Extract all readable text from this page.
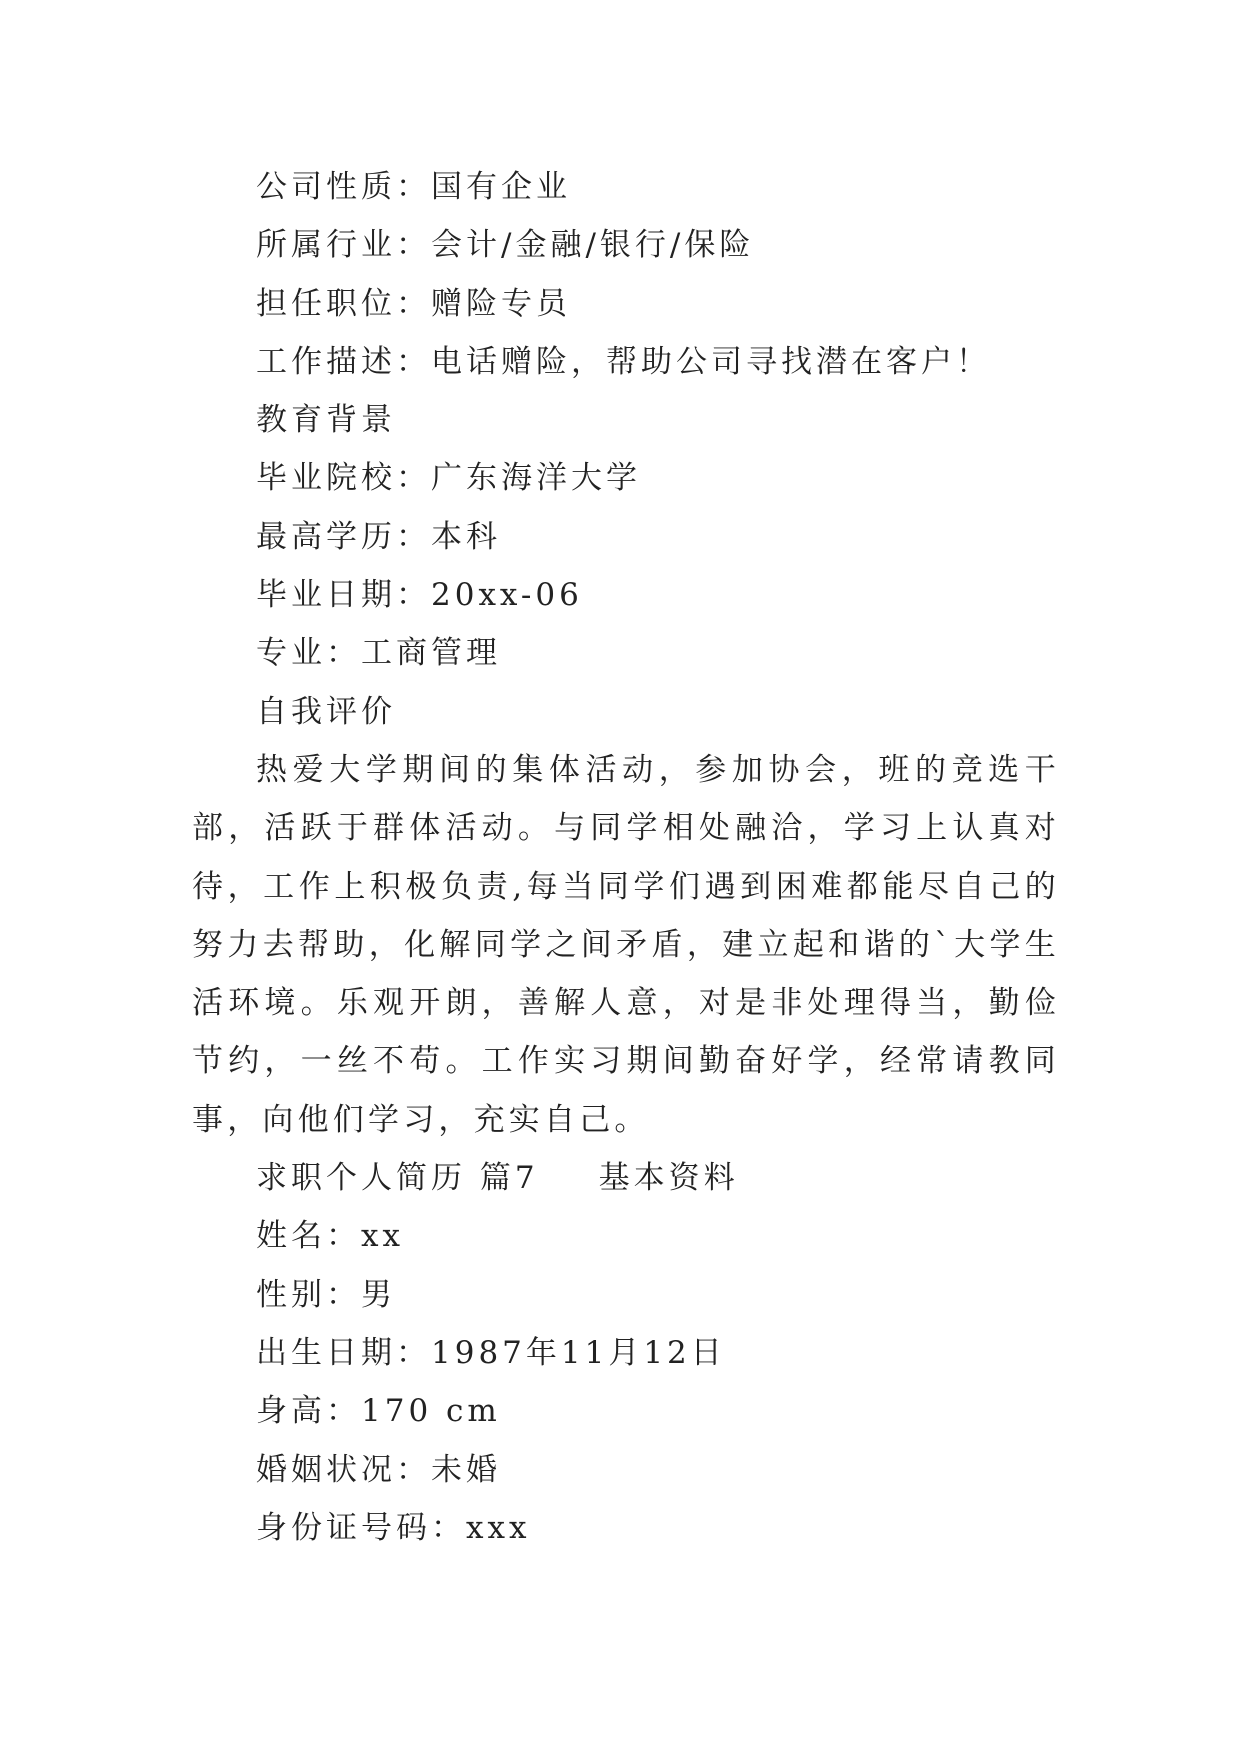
公司性质：国有企业
所属行业：会计/金融/银行/保险
担任职位：赠险专员
工作描述：电话赠险，帮助公司寻找潜在客户！
教育背景
毕业院校：广东海洋大学
最高学历：本科
毕业日期：20xx-06
专业：工商管理
自我评价
热爱大学期间的集体活动，参加协会，班的竞选干部，活跃于群体活动。与同学相处融洽，学习上认真对待，工作上积极负责,每当同学们遇到困难都能尽自己的努力去帮助，化解同学之间矛盾，建立起和谐的`大学生活环境。乐观开朗，善解人意，对是非处理得当，勤俭节约，一丝不苟。工作实习期间勤奋好学，经常请教同事，向他们学习，充实自己。
求职个人简历 篇7 基本资料
姓名：xx
性别：男
出生日期：1987年11月12日
身高：170 cm
婚姻状况：未婚
身份证号码：xxx
